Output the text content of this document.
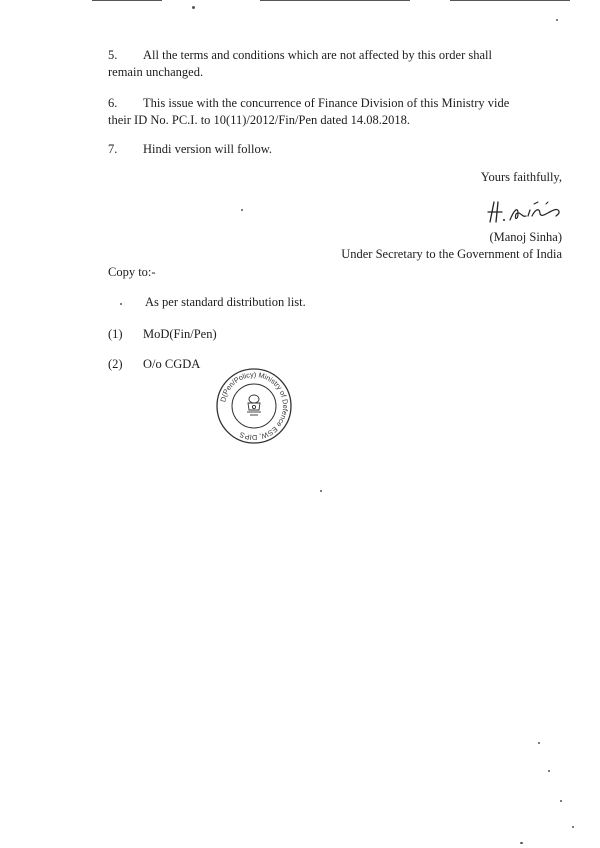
5. All the terms and conditions which are not affected by this order shall
remain unchanged.
6. This issue with the concurrence of Finance Division of this Ministry vide
their ID No. PC.I. to 10(11)/2012/Fin/Pen dated 14.08.2018.
7. Hindi version will follow.
Yours faithfully,
(Manoj Sinha)
Under Secretary to the Government of India
Copy to:-
As per standard distribution list.
(1) MoD(Fin/Pen)
(2) O/o CGDA
D(Pen/Policy) Ministry of Defence ESW, DIPS
